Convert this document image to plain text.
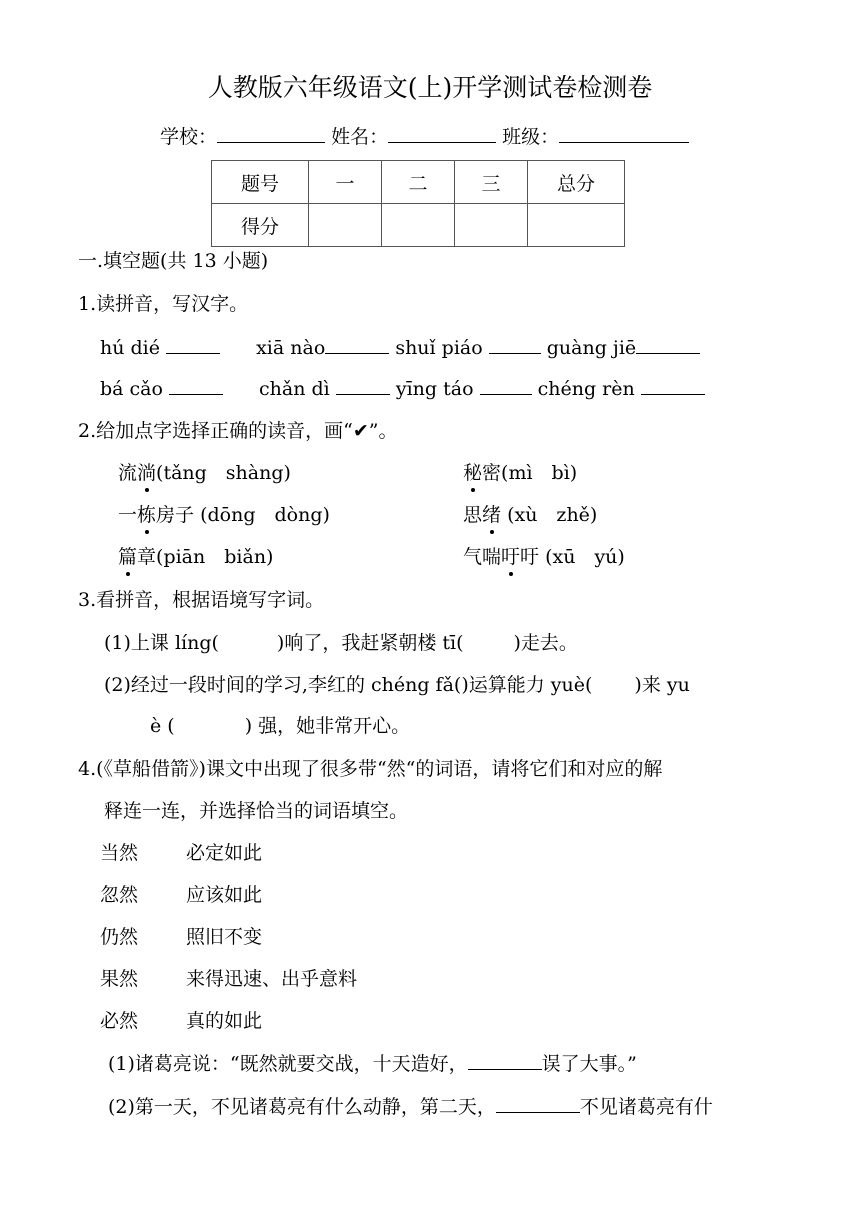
人教版六年级语文(上)开学测试卷检测卷
学校：	姓名：	班级：
题号	一	二	三	总分
得分				
一.填空题(共 13 小题)
1.读拼音，写汉字。
hú dié	xiā nào	shuǐ piáo	guàng jiē
bá cǎo	chǎn dì	yīng táo	chéng rèn
2.给加点字选择正确的读音，画“✔”。
流淌(tǎng　shàng)	秘密(mì　bì)
一栋房子 (dōng　dòng)	思绪 (xù　zhě)
篇章(piān　biǎn)	气喘吁吁 (xū　yú)
3.看拼音，根据语境写字词。
(1)上课 líng(	)响了，我赶紧朝楼 tī(	)走去。
(2)经过一段时间的学习,李红的 chéng fǎ()运算能力 yuè( )来 yu
è (	) 强，她非常开心。
4.(《草船借箭》)课文中出现了很多带“然“的词语，请将它们和对应的解
释连一连，并选择恰当的词语填空。
当然	必定如此
忽然	应该如此
仍然	照旧不变
果然	来得迅速、出乎意料
必然	真的如此
(1)诸葛亮说：“既然就要交战，十天造好，	误了大事。”
(2)第一天，不见诸葛亮有什么动静，第二天，	不见诸葛亮有什
